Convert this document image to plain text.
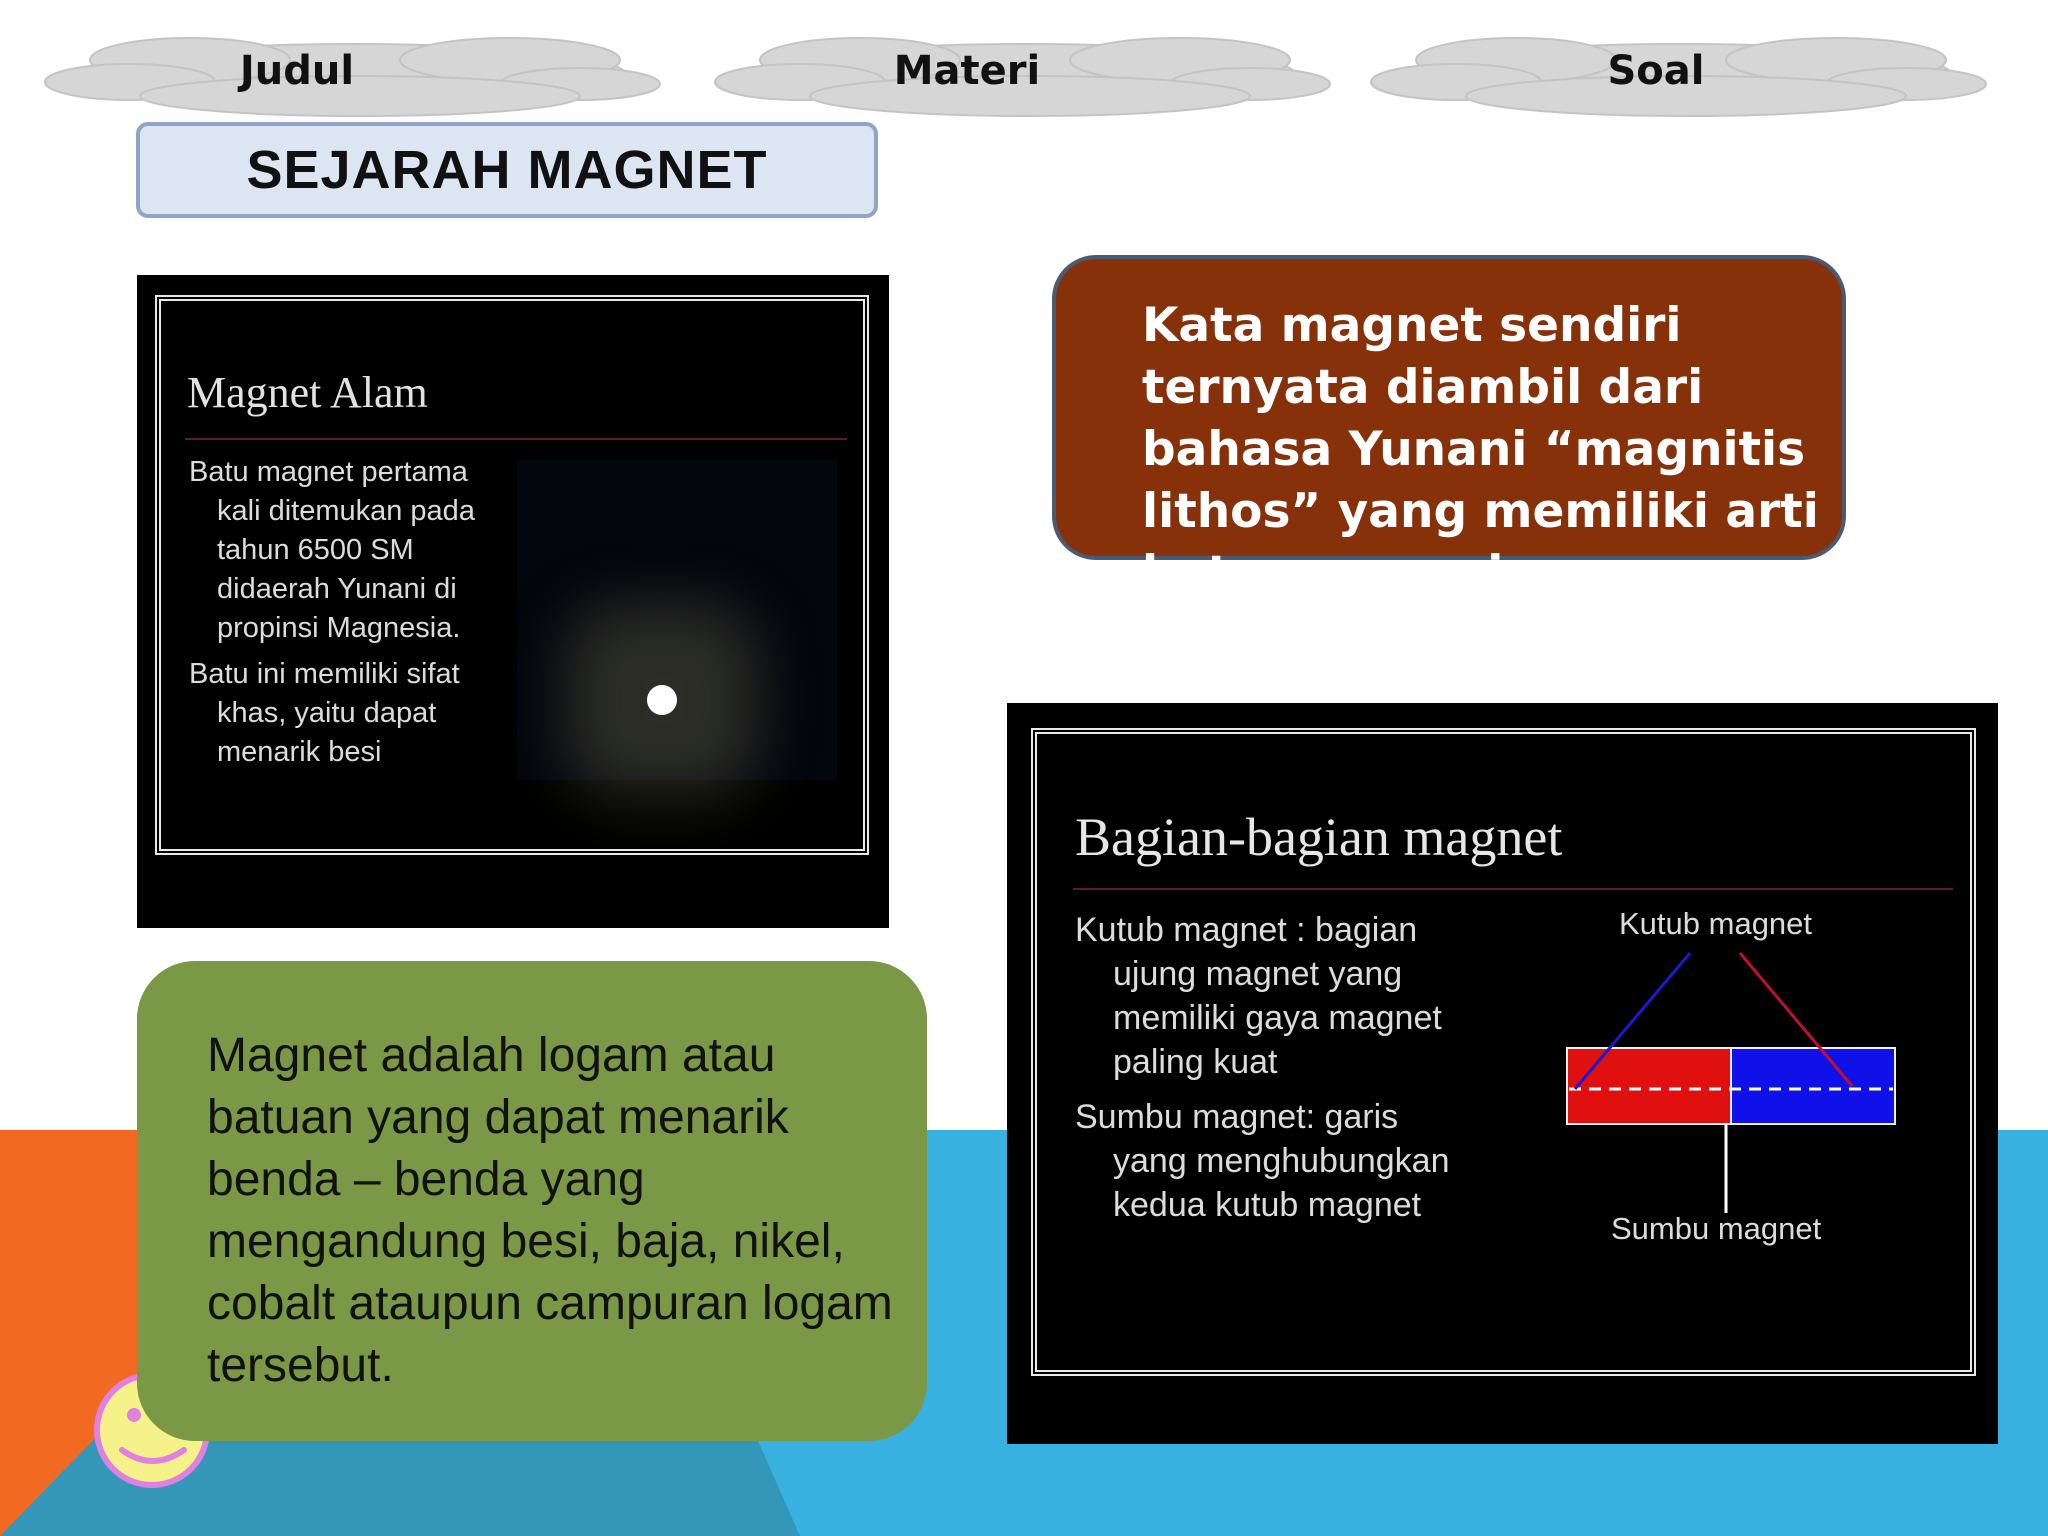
Judul	Materi	Soal
SEJARAH MAGNET
Magnet Alam
Batu magnet pertama
kali ditemukan pada
tahun 6500 SM
didaerah Yunani di
propinsi Magnesia.
Batu ini memiliki sifat
khas, yaitu dapat
menarik besi
Kata magnet sendiri ternyata diambil dari bahasa Yunani “magnitis lithos” yang memiliki arti batu magnesia
Bagian-bagian magnet
Kutub magnet : bagian
ujung magnet yang
memiliki gaya magnet
paling kuat
Sumbu magnet: garis
yang menghubungkan
kedua kutub magnet
Kutub magnet
Sumbu magnet
Magnet adalah logam atau batuan yang dapat menarik benda – benda yang mengandung besi, baja, nikel, cobalt ataupun campuran logam tersebut.
